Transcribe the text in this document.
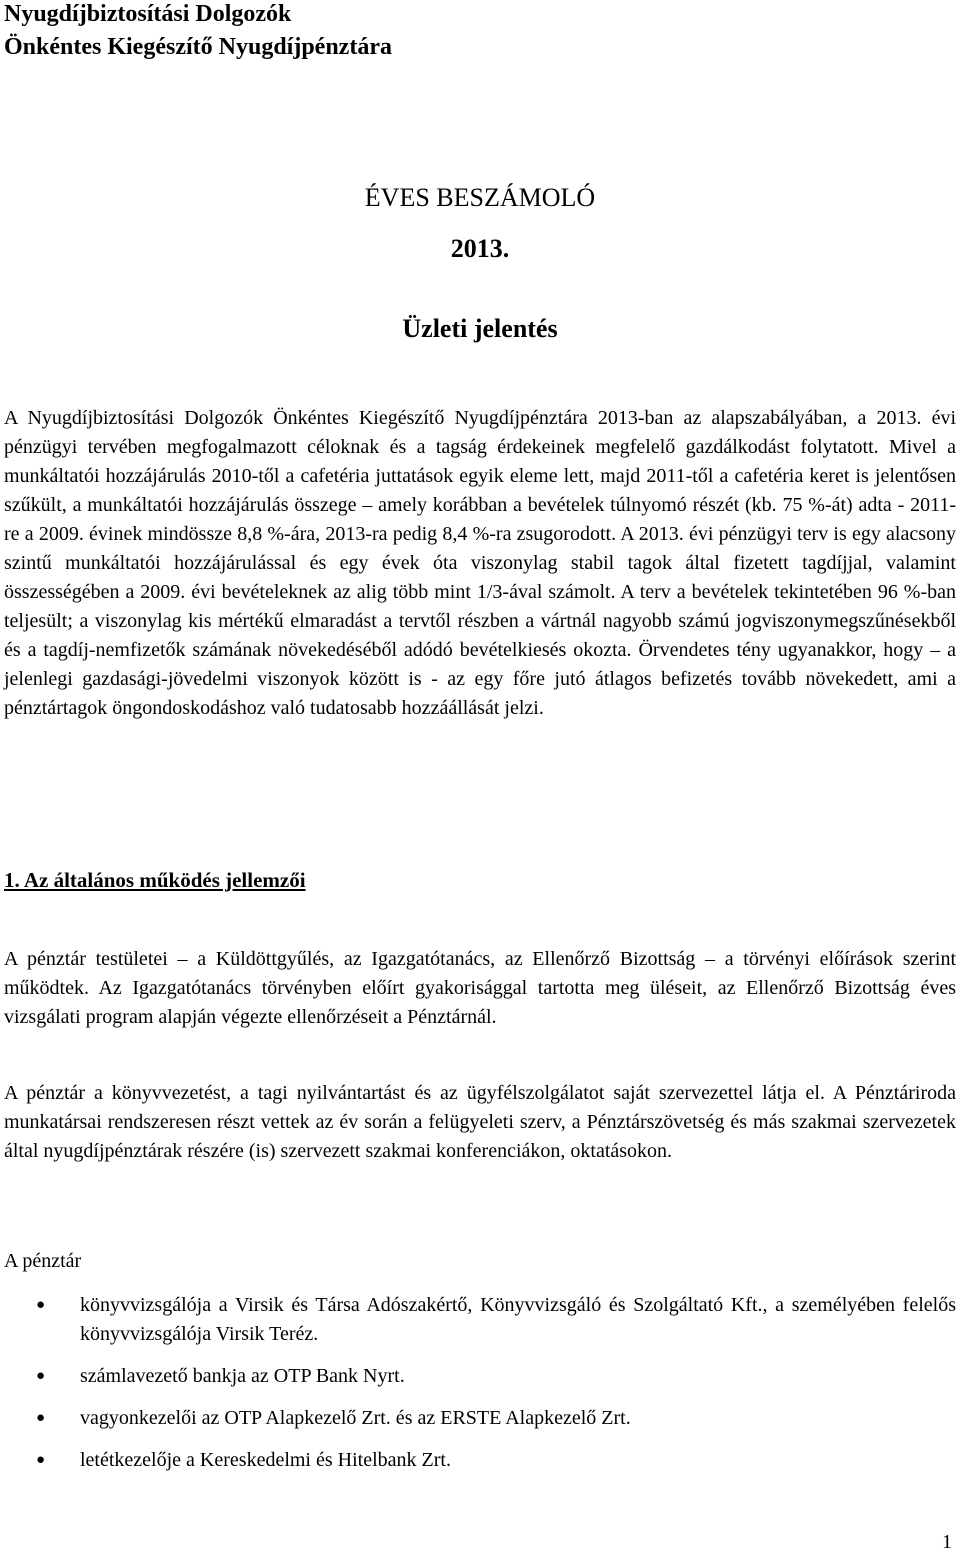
Nyugdíjbiztosítási Dolgozók
Önkéntes Kiegészítő Nyugdíjpénztára
ÉVES BESZÁMOLÓ
2013.
Üzleti jelentés

A Nyugdíjbiztosítási Dolgozók Önkéntes Kiegészítő Nyugdíjpénztára 2013-ban az alapszabályában, a 2013. évi pénzügyi tervében megfogalmazott céloknak és a tagság érdekeinek megfelelő gazdálkodást folytatott. Mivel a munkáltatói hozzájárulás 2010-től a cafetéria juttatások egyik eleme lett, majd 2011-től a cafetéria keret is jelentősen szűkült, a munkáltatói hozzájárulás összege – amely korábban a bevételek túlnyomó részét (kb. 75 %-át) adta - 2011-re a 2009. évinek mindössze 8,8 %-ára, 2013-ra pedig 8,4 %-ra zsugorodott. A 2013. évi pénzügyi terv is egy alacsony szintű munkáltatói hozzájárulással és egy évek óta viszonylag stabil tagok által fizetett tagdíjjal, valamint összességében a 2009. évi bevételeknek az alig több mint 1/3-ával számolt. A terv a bevételek tekintetében 96 %-ban teljesült; a viszonylag kis mértékű elmaradást a tervtől részben a vártnál nagyobb számú jogviszonymegszűnésekből és a tagdíj-nemfizetők számának növekedéséből adódó bevételkiesés okozta. Örvendetes tény ugyanakkor, hogy – a jelenlegi gazdasági-jövedelmi viszonyok között is - az egy főre jutó átlagos befizetés tovább növekedett, ami a pénztártagok öngondoskodáshoz való tudatosabb hozzáállását jelzi.

1. Az általános működés jellemzői

A pénztár testületei – a Küldöttgyűlés, az Igazgatótanács, az Ellenőrző Bizottság – a törvényi előírások szerint működtek. Az Igazgatótanács törvényben előírt gyakorisággal tartotta meg üléseit, az Ellenőrző Bizottság éves vizsgálati program alapján végezte ellenőrzéseit a Pénztárnál.

A pénztár a könyvvezetést, a tagi nyilvántartást és az ügyfélszolgálatot saját szervezettel látja el. A Pénztáriroda munkatársai rendszeresen részt vettek az év során a felügyeleti szerv, a Pénztárszövetség és más szakmai szervezetek által nyugdíjpénztárak részére (is) szervezett szakmai konferenciákon, oktatásokon.

A pénztár

● könyvvizsgálója a Virsik és Társa Adószakértő, Könyvvizsgáló és Szolgáltató Kft., a személyében felelős könyvvizsgálója Virsik Teréz.
● számlavezető bankja az OTP Bank Nyrt.
● vagyonkezelői az OTP Alapkezelő Zrt. és az ERSTE Alapkezelő Zrt.
● letétkezelője a Kereskedelmi és Hitelbank Zrt.
1
